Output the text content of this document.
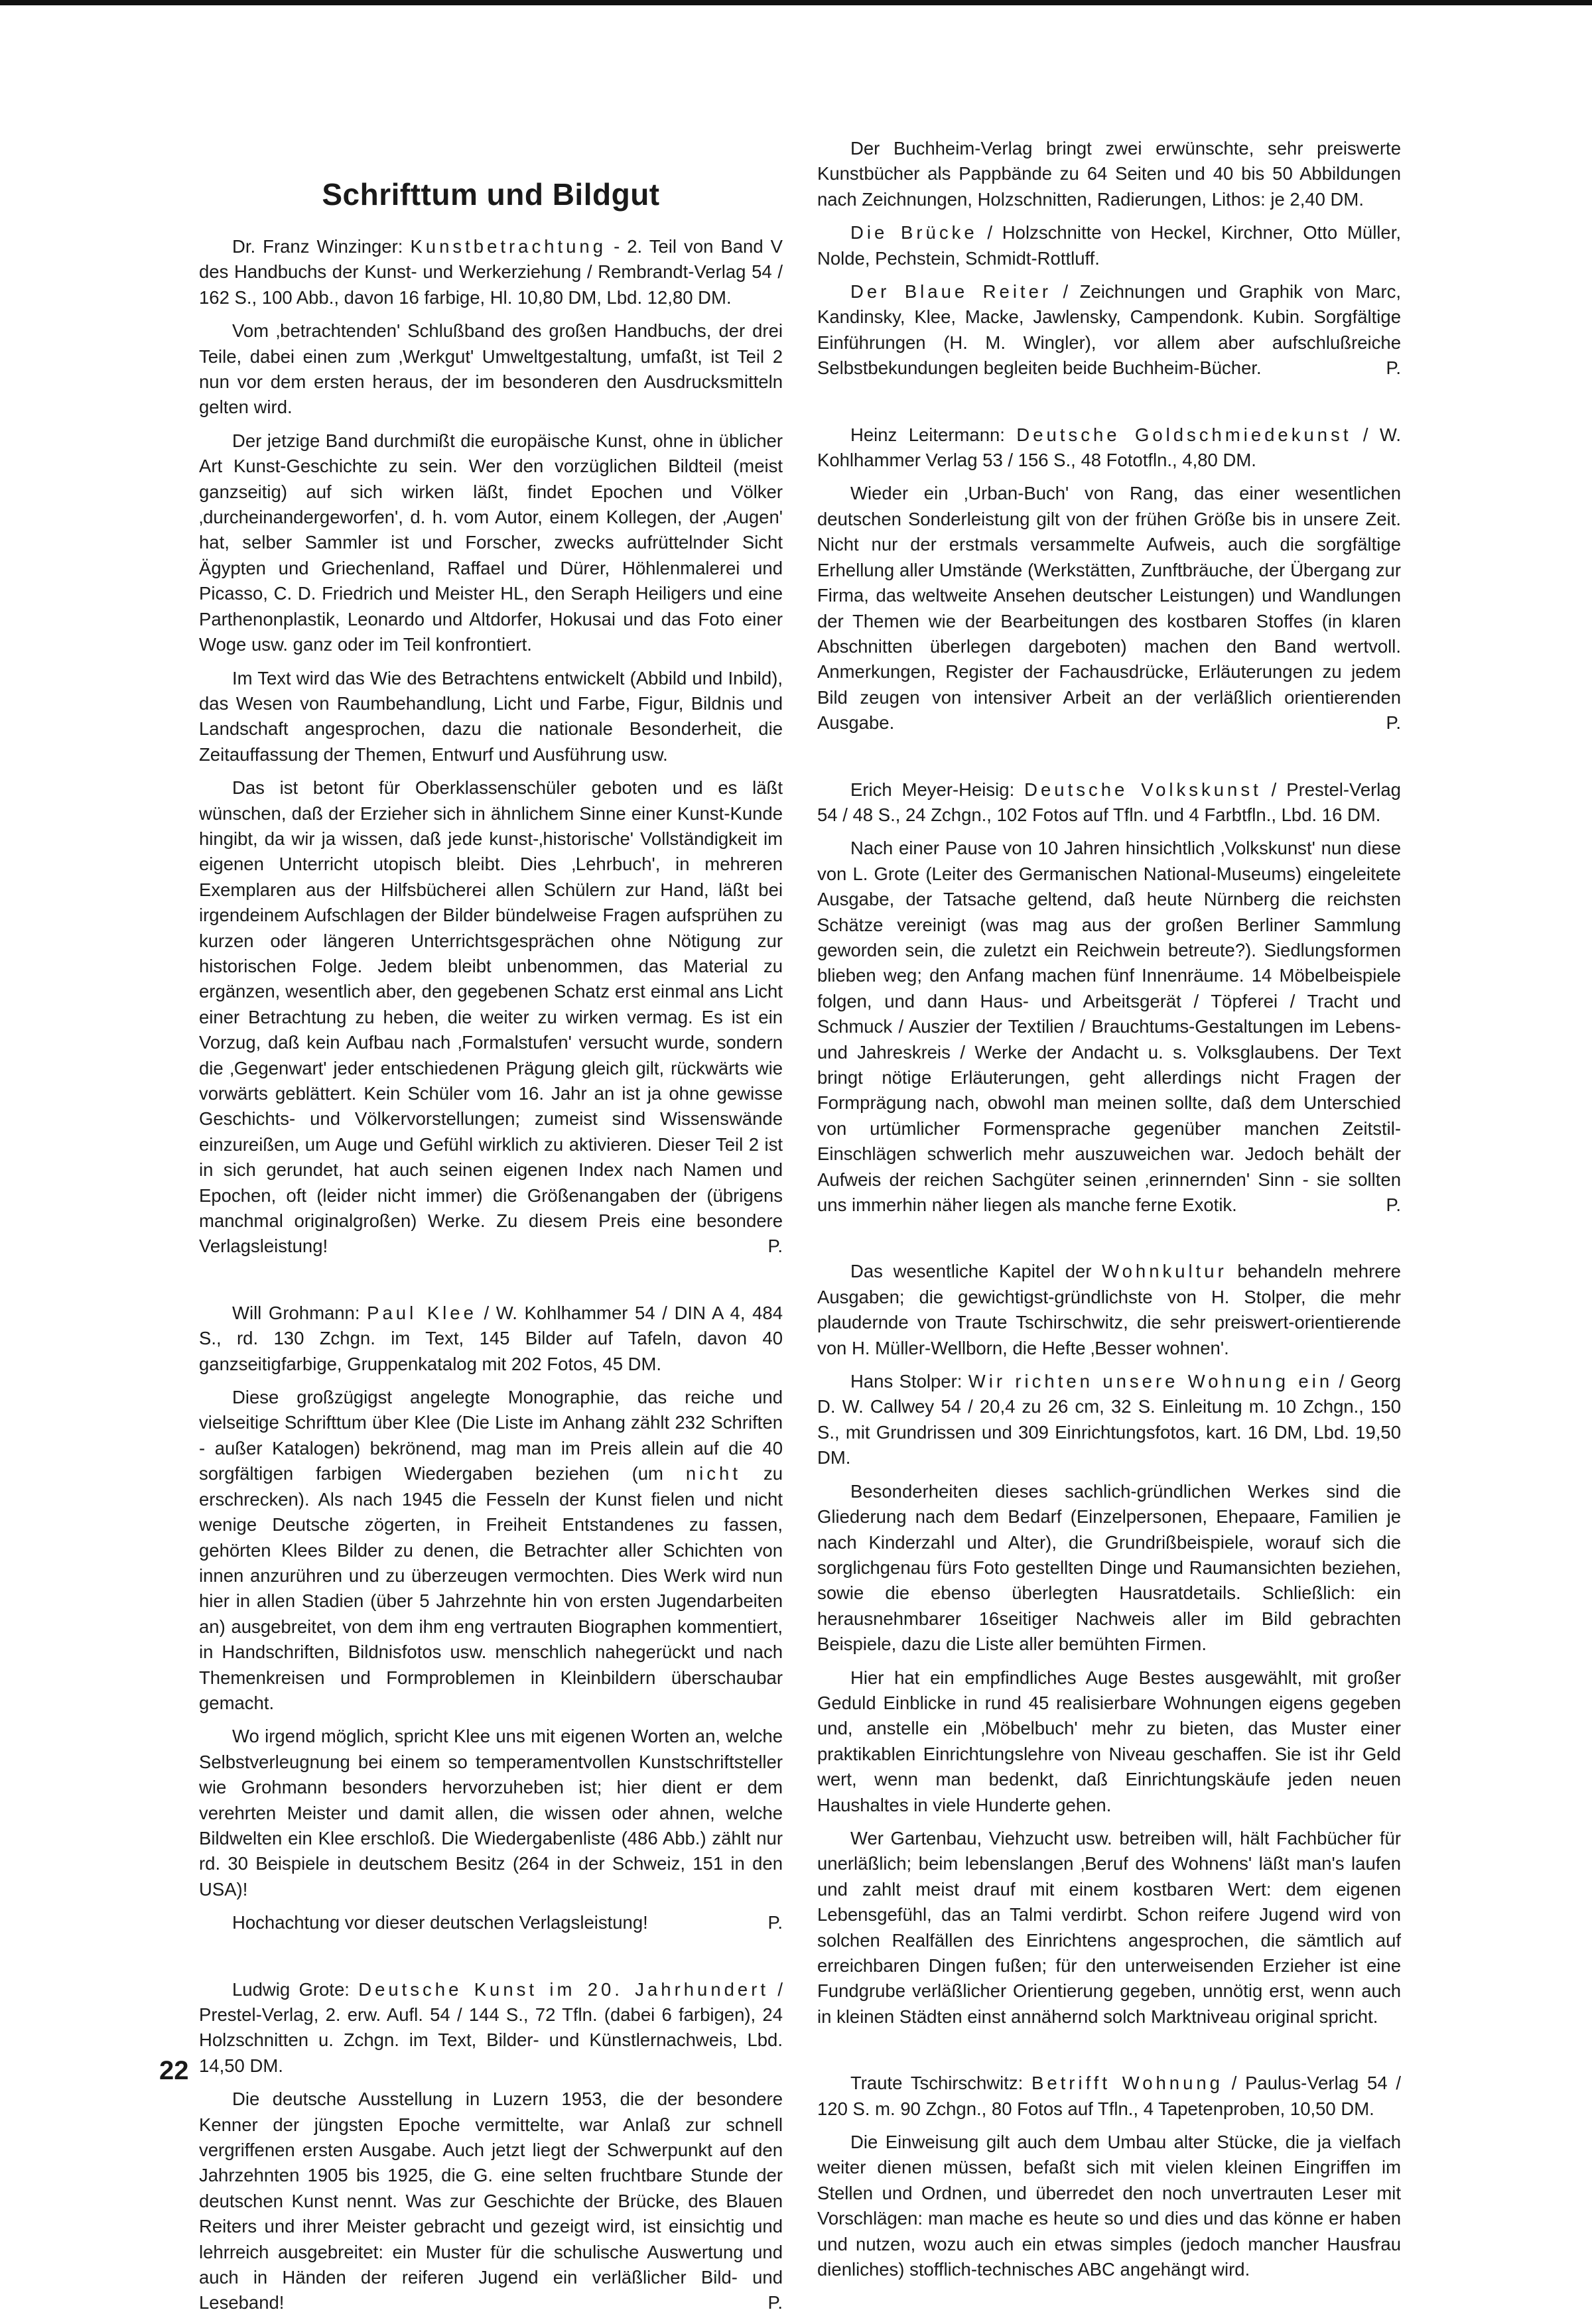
Schrifttum und Bildgut

Dr. Franz Winzinger: Kunstbetrachtung - 2. Teil von Band V des Handbuchs der Kunst- und Werkerziehung / Rembrandt-Verlag 54 / 162 S., 100 Abb., davon 16 farbige, Hl. 10,80 DM, Lbd. 12,80 DM.

Vom ‚betrachtenden' Schlußband des großen Handbuchs, der drei Teile, dabei einen zum ‚Werkgut' Umweltgestaltung, umfaßt, ist Teil 2 nun vor dem ersten heraus, der im besonderen den Ausdrucksmitteln gelten wird.

Der jetzige Band durchmißt die europäische Kunst, ohne in üblicher Art Kunst-Geschichte zu sein. Wer den vorzüglichen Bildteil (meist ganzseitig) auf sich wirken läßt, findet Epochen und Völker ‚durcheinandergeworfen', d. h. vom Autor, einem Kollegen, der ‚Augen' hat, selber Sammler ist und Forscher, zwecks aufrüttelnder Sicht Ägypten und Griechenland, Raffael und Dürer, Höhlenmalerei und Picasso, C. D. Friedrich und Meister HL, den Seraph Heiligers und eine Parthenonplastik, Leonardo und Altdorfer, Hokusai und das Foto einer Woge usw. ganz oder im Teil konfrontiert.

Im Text wird das Wie des Betrachtens entwickelt (Abbild und Inbild), das Wesen von Raumbehandlung, Licht und Farbe, Figur, Bildnis und Landschaft angesprochen, dazu die nationale Besonderheit, die Zeitauffassung der Themen, Entwurf und Ausführung usw.

Das ist betont für Oberklassenschüler geboten und es läßt wünschen, daß der Erzieher sich in ähnlichem Sinne einer Kunst-Kunde hingibt, da wir ja wissen, daß jede kunst-‚historische' Vollständigkeit im eigenen Unterricht utopisch bleibt. Dies ‚Lehrbuch', in mehreren Exemplaren aus der Hilfsbücherei allen Schülern zur Hand, läßt bei irgendeinem Aufschlagen der Bilder bündelweise Fragen aufsprühen zu kurzen oder längeren Unterrichtsgesprächen ohne Nötigung zur historischen Folge. Jedem bleibt unbenommen, das Material zu ergänzen, wesentlich aber, den gegebenen Schatz erst einmal ans Licht einer Betrachtung zu heben, die weiter zu wirken vermag. Es ist ein Vorzug, daß kein Aufbau nach ‚Formalstufen' versucht wurde, sondern die ‚Gegenwart' jeder entschiedenen Prägung gleich gilt, rückwärts wie vorwärts geblättert. Kein Schüler vom 16. Jahr an ist ja ohne gewisse Geschichts- und Völkervorstellungen; zumeist sind Wissenswände einzureißen, um Auge und Gefühl wirklich zu aktivieren. Dieser Teil 2 ist in sich gerundet, hat auch seinen eigenen Index nach Namen und Epochen, oft (leider nicht immer) die Größenangaben der (übrigens manchmal originalgroßen) Werke. Zu diesem Preis eine besondere Verlagsleistung!	P.

Will Grohmann: Paul Klee / W. Kohlhammer 54 / DIN A 4, 484 S., rd. 130 Zchgn. im Text, 145 Bilder auf Tafeln, davon 40 ganzseitigfarbige, Gruppenkatalog mit 202 Fotos, 45 DM.

Diese großzügigst angelegte Monographie, das reiche und vielseitige Schrifttum über Klee (Die Liste im Anhang zählt 232 Schriften - außer Katalogen) bekrönend, mag man im Preis allein auf die 40 sorgfältigen farbigen Wiedergaben beziehen (um nicht zu erschrecken). Als nach 1945 die Fesseln der Kunst fielen und nicht wenige Deutsche zögerten, in Freiheit Entstandenes zu fassen, gehörten Klees Bilder zu denen, die Betrachter aller Schichten von innen anzurühren und zu überzeugen vermochten. Dies Werk wird nun hier in allen Stadien (über 5 Jahrzehnte hin von ersten Jugendarbeiten an) ausgebreitet, von dem ihm eng vertrauten Biographen kommentiert, in Handschriften, Bildnisfotos usw. menschlich nahegerückt und nach Themenkreisen und Formproblemen in Kleinbildern überschaubar gemacht.

Wo irgend möglich, spricht Klee uns mit eigenen Worten an, welche Selbstverleugnung bei einem so temperamentvollen Kunstschriftsteller wie Grohmann besonders hervorzuheben ist; hier dient er dem verehrten Meister und damit allen, die wissen oder ahnen, welche Bildwelten ein Klee erschloß. Die Wiedergabenliste (486 Abb.) zählt nur rd. 30 Beispiele in deutschem Besitz (264 in der Schweiz, 151 in den USA)!

Hochachtung vor dieser deutschen Verlagsleistung!	P.

Ludwig Grote: Deutsche Kunst im 20. Jahrhundert / Prestel-Verlag, 2. erw. Aufl. 54 / 144 S., 72 Tfln. (dabei 6 farbigen), 24 Holzschnitten u. Zchgn. im Text, Bilder- und Künstlernachweis, Lbd. 14,50 DM.

Die deutsche Ausstellung in Luzern 1953, die der besondere Kenner der jüngsten Epoche vermittelte, war Anlaß zur schnell vergriffenen ersten Ausgabe. Auch jetzt liegt der Schwerpunkt auf den Jahrzehnten 1905 bis 1925, die G. eine selten fruchtbare Stunde der deutschen Kunst nennt. Was zur Geschichte der Brücke, des Blauen Reiters und ihrer Meister gebracht und gezeigt wird, ist einsichtig und lehrreich ausgebreitet: ein Muster für die schulische Auswertung und auch in Händen der reiferen Jugend ein verläßlicher Bild- und Leseband!	P.

Der Buchheim-Verlag bringt zwei erwünschte, sehr preiswerte Kunstbücher als Pappbände zu 64 Seiten und 40 bis 50 Abbildungen nach Zeichnungen, Holzschnitten, Radierungen, Lithos: je 2,40 DM.

Die Brücke / Holzschnitte von Heckel, Kirchner, Otto Müller, Nolde, Pechstein, Schmidt-Rottluff.

Der Blaue Reiter / Zeichnungen und Graphik von Marc, Kandinsky, Klee, Macke, Jawlensky, Campendonk. Kubin. Sorgfältige Einführungen (H. M. Wingler), vor allem aber aufschlußreiche Selbstbekundungen begleiten beide Buchheim-Bücher.	P.

Heinz Leitermann: Deutsche Goldschmiedekunst / W. Kohlhammer Verlag 53 / 156 S., 48 Fototfln., 4,80 DM.

Wieder ein ‚Urban-Buch' von Rang, das einer wesentlichen deutschen Sonderleistung gilt von der frühen Größe bis in unsere Zeit. Nicht nur der erstmals versammelte Aufweis, auch die sorgfältige Erhellung aller Umstände (Werkstätten, Zunftbräuche, der Übergang zur Firma, das weltweite Ansehen deutscher Leistungen) und Wandlungen der Themen wie der Bearbeitungen des kostbaren Stoffes (in klaren Abschnitten überlegen dargeboten) machen den Band wertvoll. Anmerkungen, Register der Fachausdrücke, Erläuterungen zu jedem Bild zeugen von intensiver Arbeit an der verläßlich orientierenden Ausgabe.	P.

Erich Meyer-Heisig: Deutsche Volkskunst / Prestel-Verlag 54 / 48 S., 24 Zchgn., 102 Fotos auf Tfln. und 4 Farbtfln., Lbd. 16 DM.

Nach einer Pause von 10 Jahren hinsichtlich ‚Volkskunst' nun diese von L. Grote (Leiter des Germanischen National-Museums) eingeleitete Ausgabe, der Tatsache geltend, daß heute Nürnberg die reichsten Schätze vereinigt (was mag aus der großen Berliner Sammlung geworden sein, die zuletzt ein Reichwein betreute?). Siedlungsformen blieben weg; den Anfang machen fünf Innenräume. 14 Möbelbeispiele folgen, und dann Haus- und Arbeitsgerät / Töpferei / Tracht und Schmuck / Auszier der Textilien / Brauchtums-Gestaltungen im Lebens- und Jahreskreis / Werke der Andacht u. s. Volksglaubens. Der Text bringt nötige Erläuterungen, geht allerdings nicht Fragen der Formprägung nach, obwohl man meinen sollte, daß dem Unterschied von urtümlicher Formensprache gegenüber manchen Zeitstil-Einschlägen schwerlich mehr auszuweichen war. Jedoch behält der Aufweis der reichen Sachgüter seinen ‚erinnernden' Sinn - sie sollten uns immerhin näher liegen als manche ferne Exotik.	P.

Das wesentliche Kapitel der Wohnkultur behandeln mehrere Ausgaben; die gewichtigst-gründlichste von H. Stolper, die mehr plaudernde von Traute Tschirschwitz, die sehr preiswert-orientierende von H. Müller-Wellborn, die Hefte ‚Besser wohnen'.

Hans Stolper: Wir richten unsere Wohnung ein / Georg D. W. Callwey 54 / 20,4 zu 26 cm, 32 S. Einleitung m. 10 Zchgn., 150 S., mit Grundrissen und 309 Einrichtungsfotos, kart. 16 DM, Lbd. 19,50 DM.

Besonderheiten dieses sachlich-gründlichen Werkes sind die Gliederung nach dem Bedarf (Einzelpersonen, Ehepaare, Familien je nach Kinderzahl und Alter), die Grundrißbeispiele, worauf sich die sorglichgenau fürs Foto gestellten Dinge und Raumansichten beziehen, sowie die ebenso überlegten Hausratdetails. Schließlich: ein herausnehmbarer 16seitiger Nachweis aller im Bild gebrachten Beispiele, dazu die Liste aller bemühten Firmen.

Hier hat ein empfindliches Auge Bestes ausgewählt, mit großer Geduld Einblicke in rund 45 realisierbare Wohnungen eigens gegeben und, anstelle ein ‚Möbelbuch' mehr zu bieten, das Muster einer praktikablen Einrichtungslehre von Niveau geschaffen. Sie ist ihr Geld wert, wenn man bedenkt, daß Einrichtungskäufe jeden neuen Haushaltes in viele Hunderte gehen.

Wer Gartenbau, Viehzucht usw. betreiben will, hält Fachbücher für unerläßlich; beim lebenslangen ‚Beruf des Wohnens' läßt man's laufen und zahlt meist drauf mit einem kostbaren Wert: dem eigenen Lebensgefühl, das an Talmi verdirbt. Schon reifere Jugend wird von solchen Realfällen des Einrichtens angesprochen, die sämtlich auf erreichbaren Dingen fußen; für den unterweisenden Erzieher ist eine Fundgrube verläßlicher Orientierung gegeben, unnötig erst, wenn auch in kleinen Städten einst annähernd solch Marktniveau original spricht.

Traute Tschirschwitz: Betrifft Wohnung / Paulus-Verlag 54 / 120 S. m. 90 Zchgn., 80 Fotos auf Tfln., 4 Tapetenproben, 10,50 DM.

Die Einweisung gilt auch dem Umbau alter Stücke, die ja vielfach weiter dienen müssen, befaßt sich mit vielen kleinen Eingriffen im Stellen und Ordnen, und überredet den noch unvertrauten Leser mit Vorschlägen: man mache es heute so und dies und das könne er haben und nutzen, wozu auch ein etwas simples (jedoch mancher Hausfrau dienliches) stofflich-technisches ABC angehängt wird.

22
